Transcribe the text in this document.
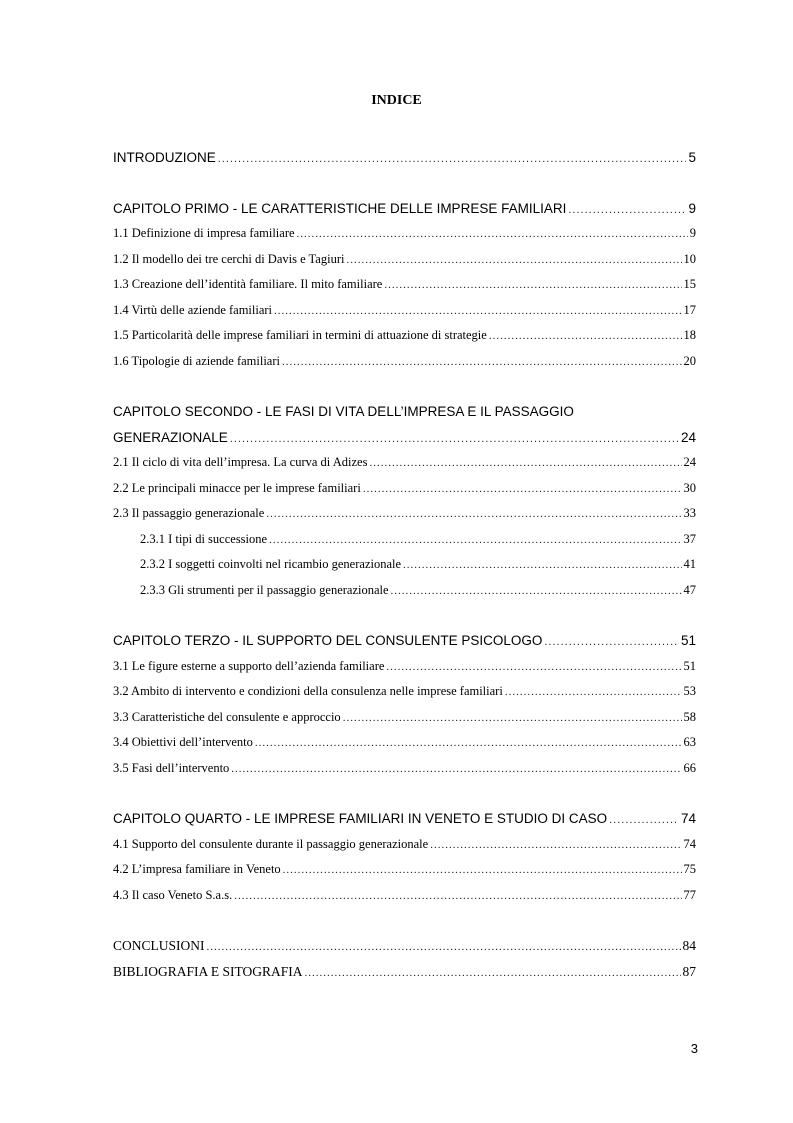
INDICE
INTRODUZIONE .....	5
CAPITOLO PRIMO - LE CARATTERISTICHE DELLE IMPRESE FAMILIARI .....	9
1.1 Definizione di impresa familiare .....	9
1.2 Il modello dei tre cerchi di Davis e Tagiuri .....	10
1.3 Creazione dell’identità familiare. Il mito familiare .....	15
1.4 Virtù delle aziende familiari .....	17
1.5 Particolarità delle imprese familiari in termini di attuazione di strategie .....	18
1.6 Tipologie di aziende familiari .....	20
CAPITOLO SECONDO - LE FASI DI VITA DELL’IMPRESA E IL PASSAGGIO
GENERAZIONALE .....	24
2.1 Il ciclo di vita dell’impresa. La curva di Adizes .....	24
2.2 Le principali minacce per le imprese familiari .....	30
2.3 Il passaggio generazionale .....	33
2.3.1 I tipi di successione .....	37
2.3.2 I soggetti coinvolti nel ricambio generazionale .....	41
2.3.3 Gli strumenti per il passaggio generazionale .....	47
CAPITOLO TERZO - IL SUPPORTO DEL CONSULENTE PSICOLOGO .....	51
3.1 Le figure esterne a supporto dell’azienda familiare .....	51
3.2 Ambito di intervento e condizioni della consulenza nelle imprese familiari .....	53
3.3 Caratteristiche del consulente e approccio .....	58
3.4 Obiettivi dell’intervento .....	63
3.5 Fasi dell’intervento .....	66
CAPITOLO QUARTO - LE IMPRESE FAMILIARI IN VENETO E STUDIO DI CASO .....	74
4.1 Supporto del consulente durante il passaggio generazionale .....	74
4.2 L’impresa familiare in Veneto .....	75
4.3 Il caso Veneto S.a.s. .....	77
CONCLUSIONI .....	84
BIBLIOGRAFIA E SITOGRAFIA .....	87
3
